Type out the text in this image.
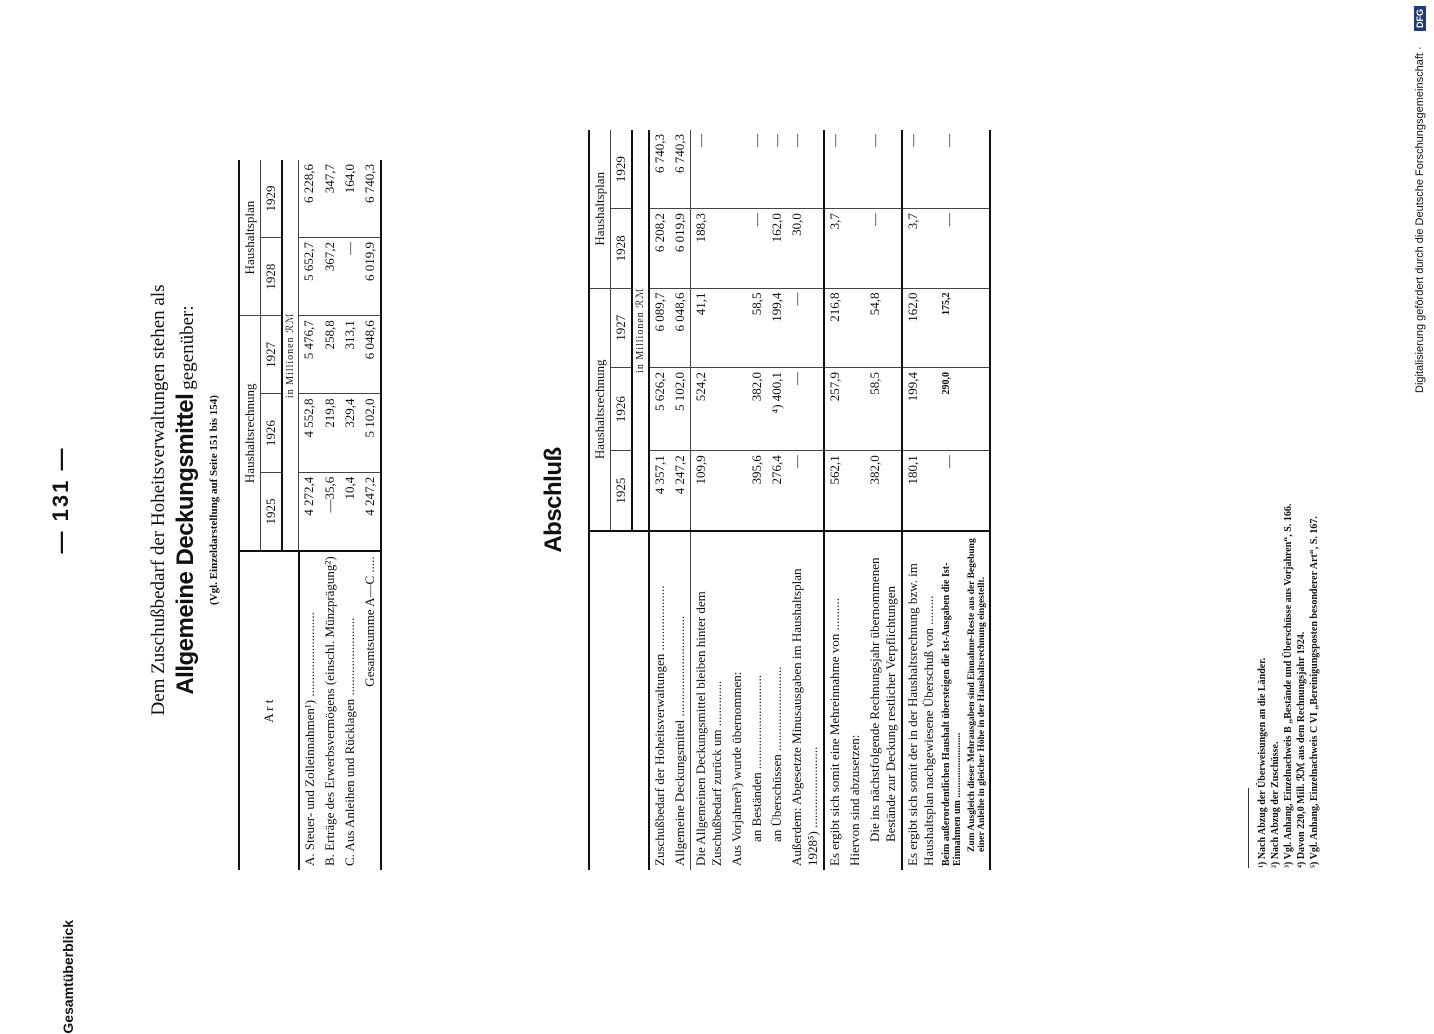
Gesamtüberblick
— 131 —	Dem Zuschußbedarf der Hoheitsverwaltungen stehen als Allgemeine Deckungsmittel gegenüber:
(Vgl. Einzeldarstellung auf Seite 151 bis 154)
A r t	Haushaltsrechnung			Haushaltsplan	
	1925	1926	1927	1928	1929
	in Millionen ℛℳ				
A. Steuer- und Zolleinnahmen¹) ..........................	4 272,4	4 552,8	5 476,7	5 652,7	6 228,6
B. Erträge des Erwerbsvermögens (einschl. Münzprägung²)	—35,6	219,8	258,8	367,2	347,7
C. Aus Anleihen und Rücklagen ........................	10,4	329,4	313,1	—	164,0
Gesamtsumme A—C .....	4 247,2	5 102,0	6 048,6	6 019,9	6 740,3
Abschluß
	Haushaltsrechnung			Haushaltsplan	
	1925	1926	1927	1928	1929
	in Millionen ℛℳ				
Zuschußbedarf der Hoheitsverwaltungen ....................	4 357,1	5 626,2	6 089,7	6 208,2	6 740,3
Allgemeine Deckungsmittel ...............................	4 247,2	5 102,0	6 048,6	6 019,9	6 740,3
Die Allgemeinen Deckungsmittel bleiben hinter dem Zuschußbedarf zurück um ..............	109,9	524,2	41,1	188,3	—
Aus Vorjahren³) wurde übernommen:					
an Beständen .............................	395,6	382,0	58,5	—	—
an Überschüssen ..........................	276,4	⁴) 400,1	199,4	162,0	—
Außerdem: Abgesetzte Minusausgaben im Haushaltsplan 1928⁵) .........................	—	—	—	30,0	—
Es ergibt sich somit eine Mehreinnahme von ..........	562,1	257,9	216,8	3,7	—
Hiervon sind abzusetzen:					
Die ins nächstfolgende Rechnungsjahr übernommenen Bestände zur Deckung restlicher Verpflichtungen	382,0	58,5	54,8	—	—
Es ergibt sich somit der in der Haushaltsrechnung bzw. im Haushaltsplan nachgewiesene Überschuß von .........	180,1	199,4	162,0	3,7	—
Beim außerordentlichen Haushalt übersteigen die Ist-Ausgaben die Ist-Einnahmen um ..........................	—	290,0	175,2	—	—
Zum Ausgleich dieser Mehrausgaben sind Einnahme-Reste aus der Begebung einer Anleihe in gleicher Höhe in der Haushaltsrechnung eingestellt.						¹) Nach Abzug der Überweisungen an die Länder. ²) Nach Abzug der Zuschüsse. ³) Vgl. Anhang, Einzelnachweis B „Bestände und Überschüsse aus Vorjahren“, S. 166. ⁴) Davon 220,0 Mill. ℛℳ aus dem Rechnungsjahr 1924. ⁵) Vgl. Anhang, Einzelnachweis C VI „Bereinigungsposten besonderer Art“, S. 167.
Digitalisierung gefördert durch die Deutsche Forschungsgemeinschaft ·
DFG
